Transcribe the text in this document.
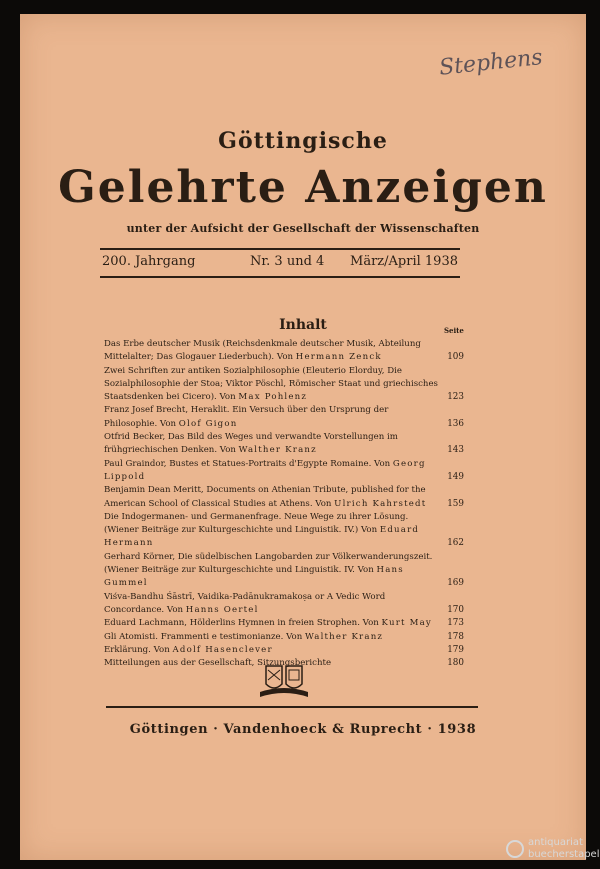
Stephens
Göttingische
Gelehrte Anzeigen
unter der Aufsicht der Gesellschaft der Wissenschaften
200. Jahrgang	Nr. 3 und 4 März/April 1938
Inhalt	Seite
Das Erbe deutscher Musik (Reichsdenkmale deutscher Musik, Abteilung Mittelalter; Das Glogauer Liederbuch). Von Hermann Zenck	109
Zwei Schriften zur antiken Sozialphilosophie (Eleuterio Elorduy, Die Sozialphilosophie der Stoa; Viktor Pöschl, Römischer Staat und griechisches Staatsdenken bei Cicero). Von Max Pohlenz	123
Franz Josef Brecht, Heraklit. Ein Versuch über den Ursprung der Philosophie. Von Olof Gigon	136
Otfrid Becker, Das Bild des Weges und verwandte Vorstellungen im frühgriechischen Denken. Von Walther Kranz	143
Paul Graindor, Bustes et Statues-Portraits d'Egypte Romaine. Von Georg Lippold	149
Benjamin Dean Meritt, Documents on Athenian Tribute, published for the American School of Classical Studies at Athens. Von Ulrich Kahrstedt 159
Die Indogermanen- und Germanenfrage. Neue Wege zu ihrer Lösung. (Wiener Beiträge zur Kulturgeschichte und Linguistik. IV.) Von Eduard Hermann	162
Gerhard Körner, Die südelbischen Langobarden zur Völkerwanderungszeit. (Wiener Beiträge zur Kulturgeschichte und Linguistik. IV. Von Hans Gummel	169
Viśva-Bandhu Śāstrī, Vaidika-Padānukramakoṣa or A Vedic Word Concordance. Von Hanns Oertel	170
Eduard Lachmann, Hölderlins Hymnen in freien Strophen. Von Kurt May 173
Gli Atomisti. Frammenti e testimonianze. Von Walther Kranz	178
Erklärung. Von Adolf Hasenclever	179
Mitteilungen aus der Gesellschaft, Sitzungsberichte	180
Göttingen · Vandenhoeck & Ruprecht · 1938
antiquariat
buecherstapel
